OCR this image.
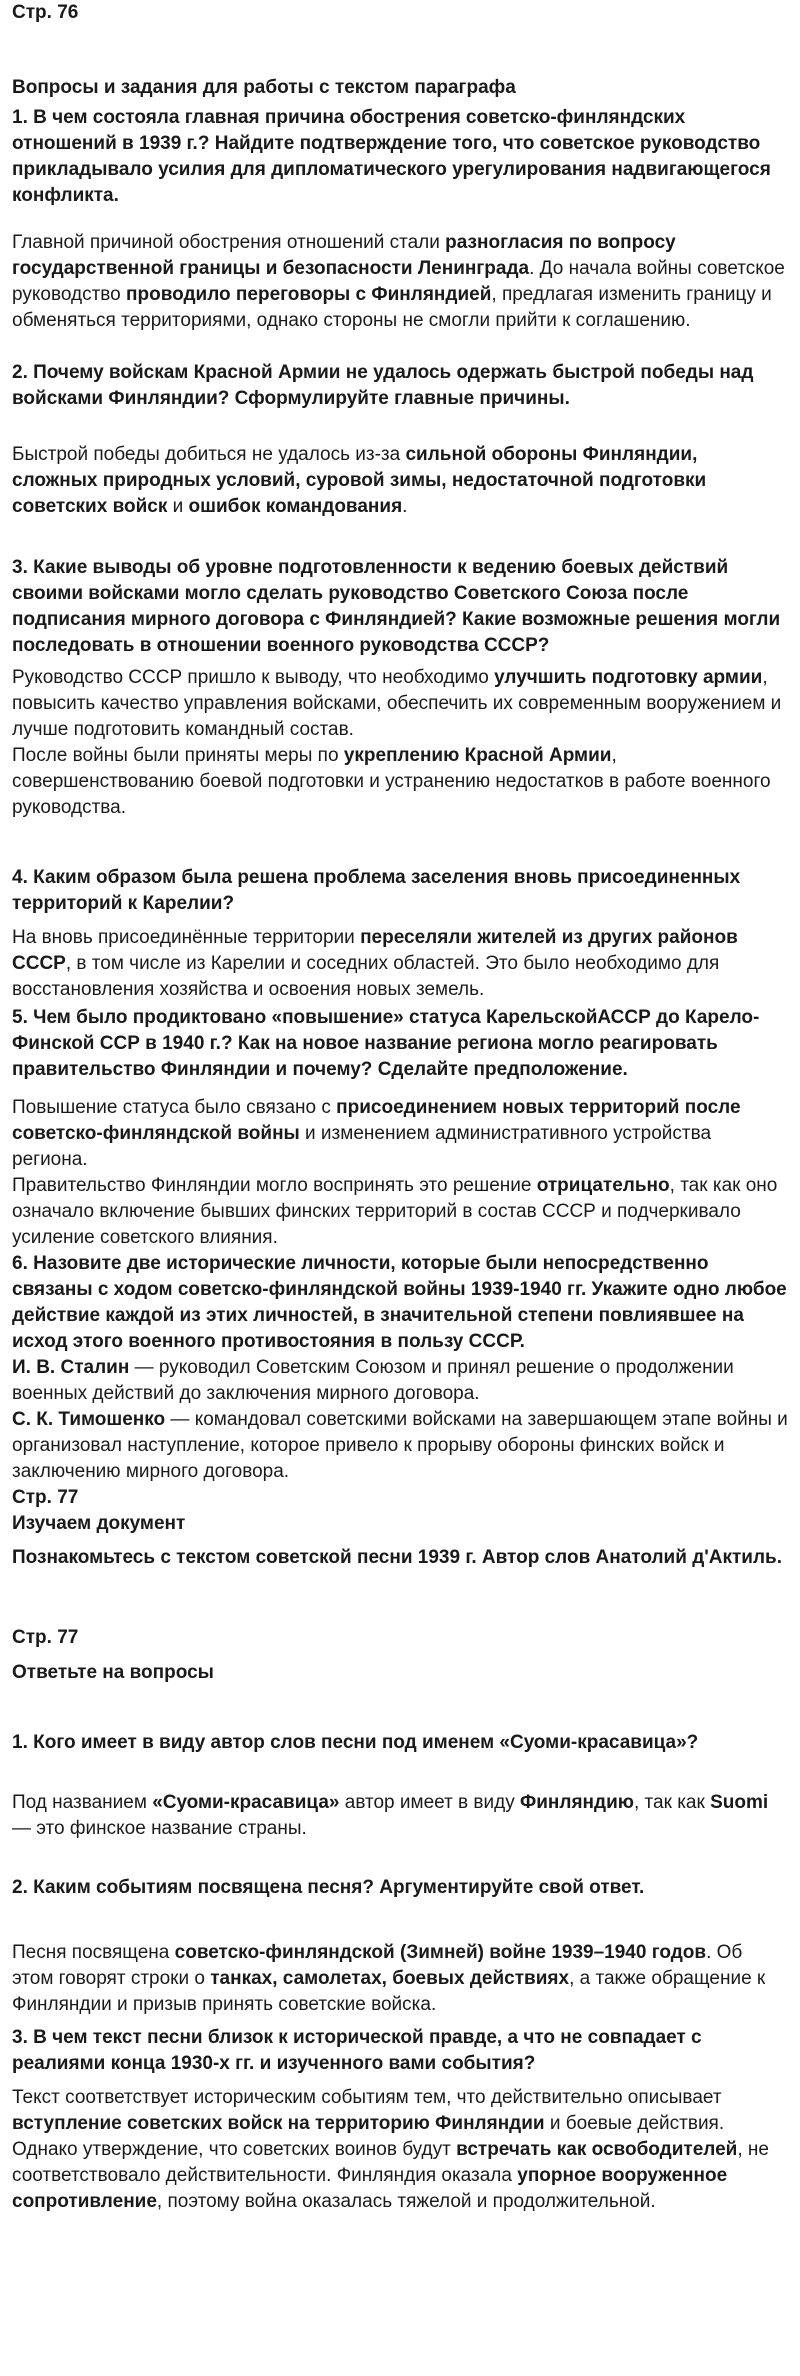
Стр. 76

Вопросы и задания для работы с текстом параграфа

1. В чем состояла главная причина обострения советско-финляндских отношений в 1939 г.? Найдите подтверждение того, что советское руководство прикладывало усилия для дипломатического урегулирования надвигающегося конфликта.

Главной причиной обострения отношений стали разногласия по вопросу государственной границы и безопасности Ленинграда. До начала войны советское руководство проводило переговоры с Финляндией, предлагая изменить границу и обменяться территориями, однако стороны не смогли прийти к соглашению.

2. Почему войскам Красной Армии не удалось одержать быстрой победы над войсками Финляндии? Сформулируйте главные причины.

Быстрой победы добиться не удалось из-за сильной обороны Финляндии, сложных природных условий, суровой зимы, недостаточной подготовки советских войск и ошибок командования.

3. Какие выводы об уровне подготовленности к ведению боевых действий своими войсками могло сделать руководство Советского Союза после подписания мирного договора с Финляндией? Какие возможные решения могли последовать в отношении военного руководства СССР?

Руководство СССР пришло к выводу, что необходимо улучшить подготовку армии, повысить качество управления войсками, обеспечить их современным вооружением и лучше подготовить командный состав.

После войны были приняты меры по укреплению Красной Армии, совершенствованию боевой подготовки и устранению недостатков в работе военного руководства.

4. Каким образом была решена проблема заселения вновь присоединенных территорий к Карелии?

На вновь присоединённые территории переселяли жителей из других районов СССР, в том числе из Карелии и соседних областей. Это было необходимо для восстановления хозяйства и освоения новых земель.

5. Чем было продиктовано «повышение» статуса КарельскойАССР до Карело-Финской ССР в 1940 г.? Как на новое название региона могло реагировать правительство Финляндии и почему? Сделайте предположение.

Повышение статуса было связано с присоединением новых территорий после советско-финляндской войны и изменением административного устройства региона.

Правительство Финляндии могло воспринять это решение отрицательно, так как оно означало включение бывших финских территорий в состав СССР и подчеркивало усиление советского влияния.

6. Назовите две исторические личности, которые были непосредственно связаны с ходом советско-финляндской войны 1939-1940 гг. Укажите одно любое действие каждой из этих личностей, в значительной степени повлиявшее на исход этого военного противостояния в пользу СССР.

И. В. Сталин — руководил Советским Союзом и принял решение о продолжении военных действий до заключения мирного договора.

С. К. Тимошенко — командовал советскими войсками на завершающем этапе войны и организовал наступление, которое привело к прорыву обороны финских войск и заключению мирного договора.

Стр. 77

Изучаем документ

Познакомьтесь с текстом советской песни 1939 г. Автор слов Анатолий д'Актиль.

Стр. 77

Ответьте на вопросы

1. Кого имеет в виду автор слов песни под именем «Суоми-красавица»?

Под названием «Суоми-красавица» автор имеет в виду Финляндию, так как Suomi — это финское название страны.

2. Каким событиям посвящена песня? Аргументируйте свой ответ.

Песня посвящена советско-финляндской (Зимней) войне 1939–1940 годов. Об этом говорят строки о танках, самолетах, боевых действиях, а также обращение к Финляндии и призыв принять советские войска.

3. В чем текст песни близок к исторической правде, а что не совпадает с реалиями конца 1930-х гг. и изученного вами события?

Текст соответствует историческим событиям тем, что действительно описывает вступление советских войск на территорию Финляндии и боевые действия.

Однако утверждение, что советских воинов будут встречать как освободителей, не соответствовало действительности. Финляндия оказала упорное вооруженное сопротивление, поэтому война оказалась тяжелой и продолжительной.
